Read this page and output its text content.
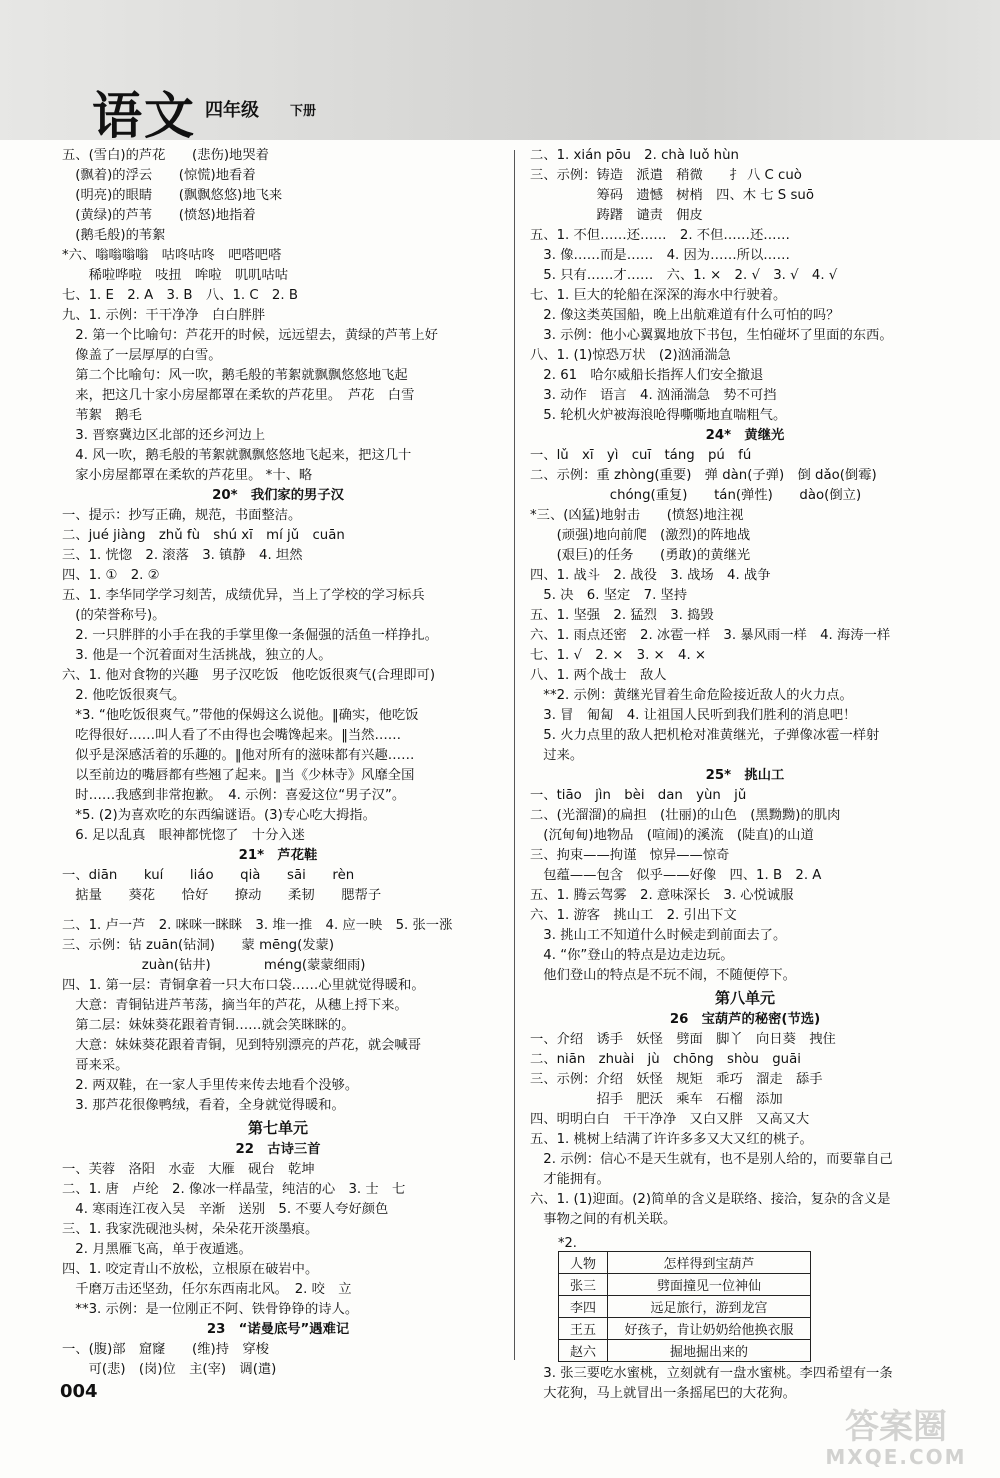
语文 四年级 下册
五、(雪白)的芦花　　(悲伤)地哭着
　(飘着)的浮云　　(惊慌)地看着
　(明亮)的眼睛　　(飘飘悠悠)地飞来
　(黄绿)的芦苇　　(愤怒)地指着
　(鹅毛般)的苇絮
*六、嗡嗡嗡嗡　咕咚咕咚　吧嗒吧嗒
　　稀啦哗啦　吱扭　哞啦　叽叽咕咕
七、1. E　2. A　3. B　八、1. C　2. B
九、1. 示例：干干净净　白白胖胖
　2. 第一个比喻句：芦花开的时候，远远望去，黄绿的芦苇上好
　像盖了一层厚厚的白雪。
　第二个比喻句：风一吹，鹅毛般的苇絮就飘飘悠悠地飞起
　来，把这几十家小房屋都罩在柔软的芦花里。　芦花　白雪
　苇絮　鹅毛
　3. 晋察冀边区北部的还乡河边上
　4. 风一吹，鹅毛般的苇絮就飘飘悠悠地飞起来，把这几十
　家小房屋都罩在柔软的芦花里。 *十、略
20*　我们家的男子汉
一、提示：抄写正确，规范，书面整洁。
二、jué jiàng　zhǔ fù　shú xī　mí jǔ　cuān
三、1. 恍惚　2. 滚落　3. 镇静　4. 坦然
四、1. ①　2. ②
五、1. 李华同学学习刻苦，成绩优异，当上了学校的学习标兵
　(的荣誉称号)。
　2. 一只胖胖的小手在我的手掌里像一条倔强的活鱼一样挣扎。
　3. 他是一个沉着面对生活挑战，独立的人。
六、1. 他对食物的兴趣　男子汉吃饭　他吃饭很爽气(合理即可)
　2. 他吃饭很爽气。
　*3. “他吃饭很爽气。”带他的保姆这么说他。‖确实，他吃饭
　吃得很好……叫人看了不由得也会嘴馋起来。‖当然……
　似乎是深感活着的乐趣的。‖他对所有的滋味都有兴趣……
　以至前边的嘴唇都有些翘了起来。‖当《少林寺》风靡全国
　时……我感到非常抱歉。　4. 示例：喜爱这位“男子汉”。
　*5. (2)为喜欢吃的东西编谜语。(3)专心吃大拇指。
　6. 足以乱真　眼神都恍惚了　十分入迷
21*　芦花鞋
一、diān　　kuí　　liáo　　qià　　sāi　　rèn
　掂量　　葵花　　恰好　　撩动　　柔韧　　腮帮子
二、1. 卢一芦　2. 咪咪一眯眯　3. 堆一推　4. 应一映　5. 张一涨
三、示例：钻 zuān(钻洞)　　蒙 mēng(发蒙)
　　　　　　zuàn(钻井)　　　　méng(蒙蒙细雨)
四、1. 第一层：青铜拿着一只大布口袋……心里就觉得暖和。
　大意：青铜钻进芦苇荡，摘当年的芦花，从穗上捋下来。
　第二层：妹妹葵花跟着青铜……就会笑眯眯的。
　大意：妹妹葵花跟着青铜，见到特别漂亮的芦花，就会喊哥
　哥来采。
　2. 两双鞋，在一家人手里传来传去地看个没够。
　3. 那芦花很像鸭绒，看着，全身就觉得暖和。
第七单元
22　古诗三首
一、芙蓉　洛阳　水壶　大雁　砚台　乾坤
二、1. 唐　卢纶　2. 像冰一样晶莹，纯洁的心　3. 士　七
　4. 寒雨连江夜入吴　辛渐　送别　5. 不要人夸好颜色
三、1. 我家洗砚池头树，朵朵花开淡墨痕。
　2. 月黑雁飞高，单于夜遁逃。
四、1. 咬定青山不放松，立根原在破岩中。
　千磨万击还坚劲，任尔东西南北风。　2. 咬　立
　**3. 示例：是一位刚正不阿、铁骨铮铮的诗人。
23　“诺曼底号”遇难记
一、(腹)部　窟窿　　(维)持　穿梭
　　可(悲)　(岗)位　主(宰)　调(遣)
二、1. xián pōu　2. chà luǒ hùn
三、示例：铸造　派遣　稍微　　扌 八 C cuò
　　　　　筹码　遗憾　树梢　四、木 七 S suō
　　　　　踌躇　谴责　佣皮
五、1. 不但……还……　2. 不但……还……
　3. 像……而是……　4. 因为……所以……
　5. 只有……才……　六、1. ×　2. √　3. √　4. √
七、1. 巨大的轮船在深深的海水中行驶着。
　2. 像这类英国船，晚上出航难道有什么可怕的吗？
　3. 示例：他小心翼翼地放下书包，生怕碰坏了里面的东西。
八、1. (1)惊恐万状　(2)汹涌湍急
　2. 61　哈尔威船长指挥人们安全撤退
　3. 动作　语言　4. 汹涌湍急　势不可挡
　5. 轮机火炉被海浪呛得嘶嘶地直喘粗气。
24*　黄继光
一、lǔ　xī　yì　cuī　táng　pú　fú
二、示例：重 zhòng(重要)　弹 dàn(子弹)　倒 dǎo(倒霉)
　　　　　　chóng(重复)　　tán(弹性)　　dào(倒立)
*三、(凶猛)地射击　　(愤怒)地注视
　　(顽强)地向前爬　(激烈)的阵地战
　　(艰巨)的任务　　(勇敢)的黄继光
四、1. 战斗　2. 战役　3. 战场　4. 战争
　5. 决　6. 坚定　7. 坚持
五、1. 坚强　2. 猛烈　3. 捣毁
六、1. 雨点还密　2. 冰雹一样　3. 暴风雨一样　4. 海涛一样
七、1. √　2. ×　3. ×　4. ×
八、1. 两个战士　敌人
　**2. 示例：黄继光冒着生命危险接近敌人的火力点。
　3. 冒　匍匐　4. 让祖国人民听到我们胜利的消息吧！
　5. 火力点里的敌人把机枪对准黄继光，子弹像冰雹一样射
　过来。
25*　挑山工
一、tiāo　jìn　bèi　dan　yùn　jǔ
二、(光溜溜)的扁担　(壮丽)的山色　(黑黝黝)的肌肉
　(沉甸甸)地物品　(喧闹)的溪流　(陡直)的山道
三、拘束——拘谨　惊异——惊奇
　包蕴——包含　似乎——好像　四、1. B　2. A
五、1. 腾云驾雾　2. 意味深长　3. 心悦诚服
六、1. 游客　挑山工　2. 引出下文
　3. 挑山工不知道什么时候走到前面去了。
　4. “你”登山的特点是边走边玩。
　他们登山的特点是不玩不闹，不随便停下。
第八单元
26　宝葫芦的秘密(节选)
一、介绍　诱手　妖怪　劈面　脚丫　向日葵　拽住
二、niān　zhuài　jù　chōng　shòu　guāi
三、示例：介绍　妖怪　规矩　乖巧　溜走　舔手
　　　　　招手　肥沃　乘车　石榴　添加
四、明明白白　干干净净　又白又胖　又高又大
五、1. 桃树上结满了许许多多又大又红的桃子。
　2. 示例：信心不是天生就有，也不是别人给的，而要靠自己
　才能拥有。
六、1. (1)迎面。(2)简单的含义是联络、接洽，复杂的含义是
　事物之间的有机关联。
*2.
人物	怎样得到宝葫芦
张三	劈面撞见一位神仙
李四	远足旅行，游到龙宫
王五	好孩子，肯让奶奶给他换衣服
赵六	掘地掘出来的
　3. 张三要吃水蜜桃，立刻就有一盘水蜜桃。李四希望有一条
　大花狗，马上就冒出一条摇尾巴的大花狗。
004
答案圈
MXQE.COM
